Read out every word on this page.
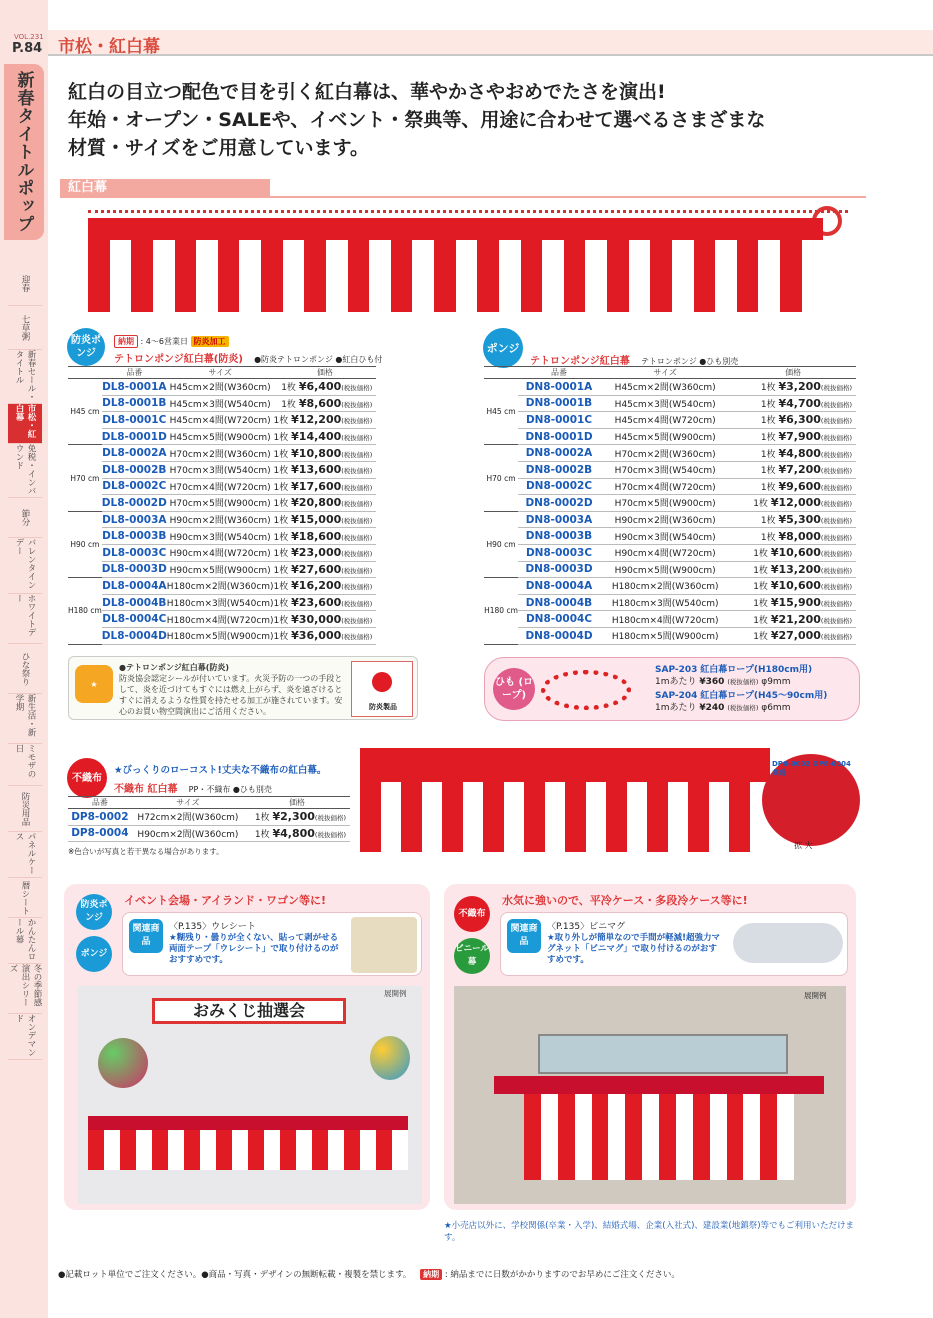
VOL.231
P.84
新春タイトルポップ
迎春
七草粥
新春セール・タイトル
市松・紅白幕
免税・インバウンド
節分
バレンタインデー
ホワイトデー
ひな祭り
新生活・新学期
ミモザの日
防災用品
パネルケース
暦シート
かんたんロール幕
冬の季節感演出シリーズ
オンデマンド
市松・紅白幕
紅白の目立つ配色で目を引く紅白幕は、華やかさやおめでたさを演出!
年始・オープン・SALEや、イベント・祭典等、用途に合わせて選べるさまざまな
材質・サイズをご用意しています。
紅白幕
防炎ポンジ
納期 : 4〜6営業日 防炎加工
テトロンポンジ紅白幕(防炎) ●防炎テトロンポンジ ●紅白ひも付
	品番	サイズ	価格
H45 cm	DL8-0001A	H45cm×2間(W360cm)	1枚 ¥6,400(税抜価格)
	DL8-0001B	H45cm×3間(W540cm)	1枚 ¥8,600(税抜価格)
	DL8-0001C	H45cm×4間(W720cm)	1枚 ¥12,200(税抜価格)
	DL8-0001D	H45cm×5間(W900cm)	1枚 ¥14,400(税抜価格)
H70 cm	DL8-0002A	H70cm×2間(W360cm)	1枚 ¥10,800(税抜価格)
	DL8-0002B	H70cm×3間(W540cm)	1枚 ¥13,600(税抜価格)
	DL8-0002C	H70cm×4間(W720cm)	1枚 ¥17,600(税抜価格)
	DL8-0002D	H70cm×5間(W900cm)	1枚 ¥20,800(税抜価格)
H90 cm	DL8-0003A	H90cm×2間(W360cm)	1枚 ¥15,000(税抜価格)
	DL8-0003B	H90cm×3間(W540cm)	1枚 ¥18,600(税抜価格)
	DL8-0003C	H90cm×4間(W720cm)	1枚 ¥23,000(税抜価格)
	DL8-0003D	H90cm×5間(W900cm)	1枚 ¥27,600(税抜価格)
H180 cm	DL8-0004A	H180cm×2間(W360cm)	1枚 ¥16,200(税抜価格)
	DL8-0004B	H180cm×3間(W540cm)	1枚 ¥23,600(税抜価格)
	DL8-0004C	H180cm×4間(W720cm)	1枚 ¥30,000(税抜価格)
	DL8-0004D	H180cm×5間(W900cm)	1枚 ¥36,000(税抜価格)
ポンジ
テトロンポンジ紅白幕 テトロンポンジ ●ひも別売
	品番	サイズ	価格
H45 cm	DN8-0001A	H45cm×2間(W360cm)	1枚 ¥3,200(税抜価格)
	DN8-0001B	H45cm×3間(W540cm)	1枚 ¥4,700(税抜価格)
	DN8-0001C	H45cm×4間(W720cm)	1枚 ¥6,300(税抜価格)
	DN8-0001D	H45cm×5間(W900cm)	1枚 ¥7,900(税抜価格)
H70 cm	DN8-0002A	H70cm×2間(W360cm)	1枚 ¥4,800(税抜価格)
	DN8-0002B	H70cm×3間(W540cm)	1枚 ¥7,200(税抜価格)
	DN8-0002C	H70cm×4間(W720cm)	1枚 ¥9,600(税抜価格)
	DN8-0002D	H70cm×5間(W900cm)	1枚 ¥12,000(税抜価格)
H90 cm	DN8-0003A	H90cm×2間(W360cm)	1枚 ¥5,300(税抜価格)
	DN8-0003B	H90cm×3間(W540cm)	1枚 ¥8,000(税抜価格)
	DN8-0003C	H90cm×4間(W720cm)	1枚 ¥10,600(税抜価格)
	DN8-0003D	H90cm×5間(W900cm)	1枚 ¥13,200(税抜価格)
H180 cm	DN8-0004A	H180cm×2間(W360cm)	1枚 ¥10,600(税抜価格)
	DN8-0004B	H180cm×3間(W540cm)	1枚 ¥15,900(税抜価格)
	DN8-0004C	H180cm×4間(W720cm)	1枚 ¥21,200(税抜価格)
	DN8-0004D	H180cm×5間(W900cm)	1枚 ¥27,000(税抜価格)
★
●テトロンポンジ紅白幕(防炎)
防炎協会認定シールが付いています。火災予防の一つの手段として、炎を近づけてもすぐには燃え上がらず、炎を遠ざけるとすぐに消えるような性質を持たせる加工が施されています。安心のお買い物空間演出にご活用ください。	防炎製品
ひも (ロープ)
SAP-203 紅白幕ロープ(H180cm用)
1mあたり ¥360 (税抜価格) φ9mm
SAP-204 紅白幕ロープ(H45〜90cm用)
1mあたり ¥240 (税抜価格) φ6mm
不織布
★びっくりのローコスト!丈夫な不織布の紅白幕。
不織布 紅白幕 PP・不織布 ●ひも別売
品番	サイズ	価格
DP8-0002	H72cm×2間(W360cm)	1枚 ¥2,300(税抜価格)
DP8-0004	H90cm×2間(W360cm)	1枚 ¥4,800(税抜価格)
※色合いが写真と若干異なる場合があります。
DP8-0002 DP8-0004共通
拡 大
防炎ポンジ
ポンジ
イベント会場・アイランド・ワゴン等に!
関連商品
〈P.135〉ウレシート
★糊残り・曇りが全くない、貼って剥がせる両面テープ「ウレシート」で取り付けるのがおすすめです。
おみくじ抽選会
展開例
不織布
ビニール幕
水気に強いので、平冷ケース・多段冷ケース等に!
関連商品
〈P.135〉ビニマグ
★取り外しが簡単なので手間が軽減!超強力マグネット「ビニマグ」で取り付けるのがおすすめです。
展開例
★小売店以外に、学校関係(卒業・入学)、結婚式場、企業(入社式)、建設業(地鎮祭)等でもご利用いただけます。
●記載ロット単位でご注文ください。●商品・写真・デザインの無断転載・複製を禁じます。 納期 : 納品までに日数がかかりますのでお早めにご注文ください。
